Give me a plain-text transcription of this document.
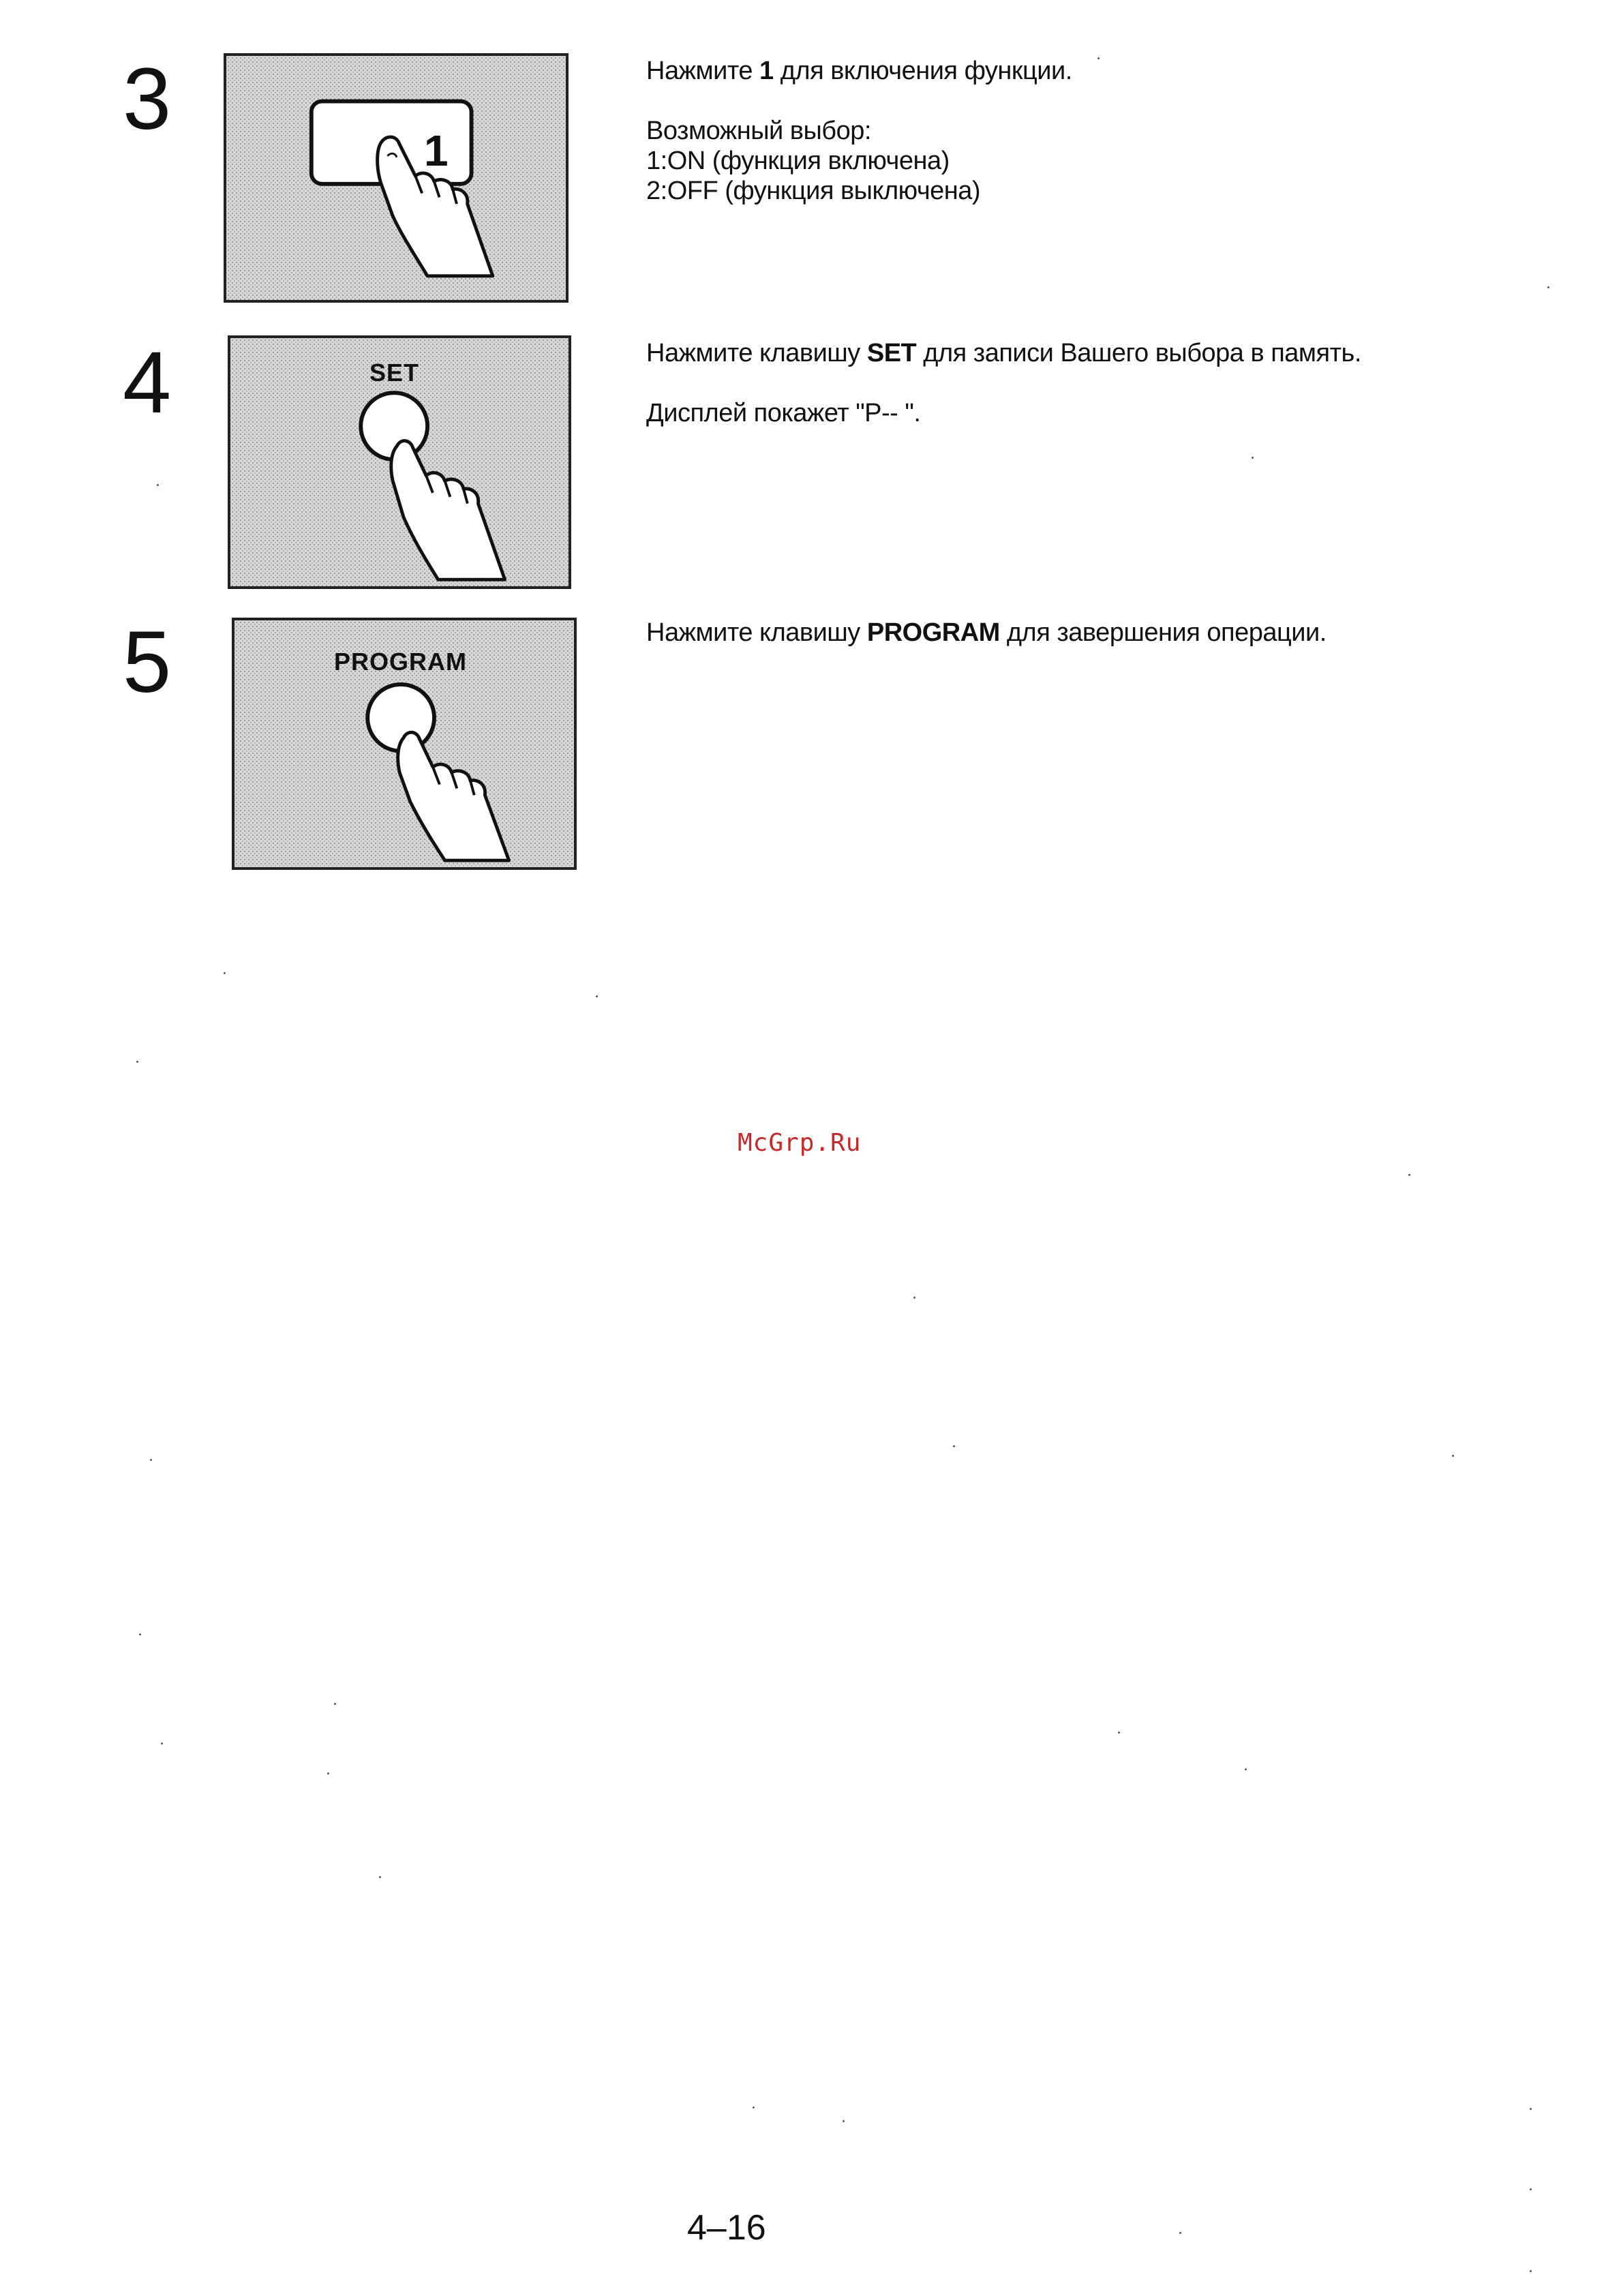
3
1
Нажмите 1 для включения функции.
Возможный выбор:
1:ON (функция включена)
2:OFF (функция выключена)
4	SET
Нажмите клавишу SET для записи Вашего выбора в память.
Дисплей покажет "P-- ".
5	PROGRAM
Нажмите клавишу PROGRAM для завершения операции.
McGrp.Ru
4–16
